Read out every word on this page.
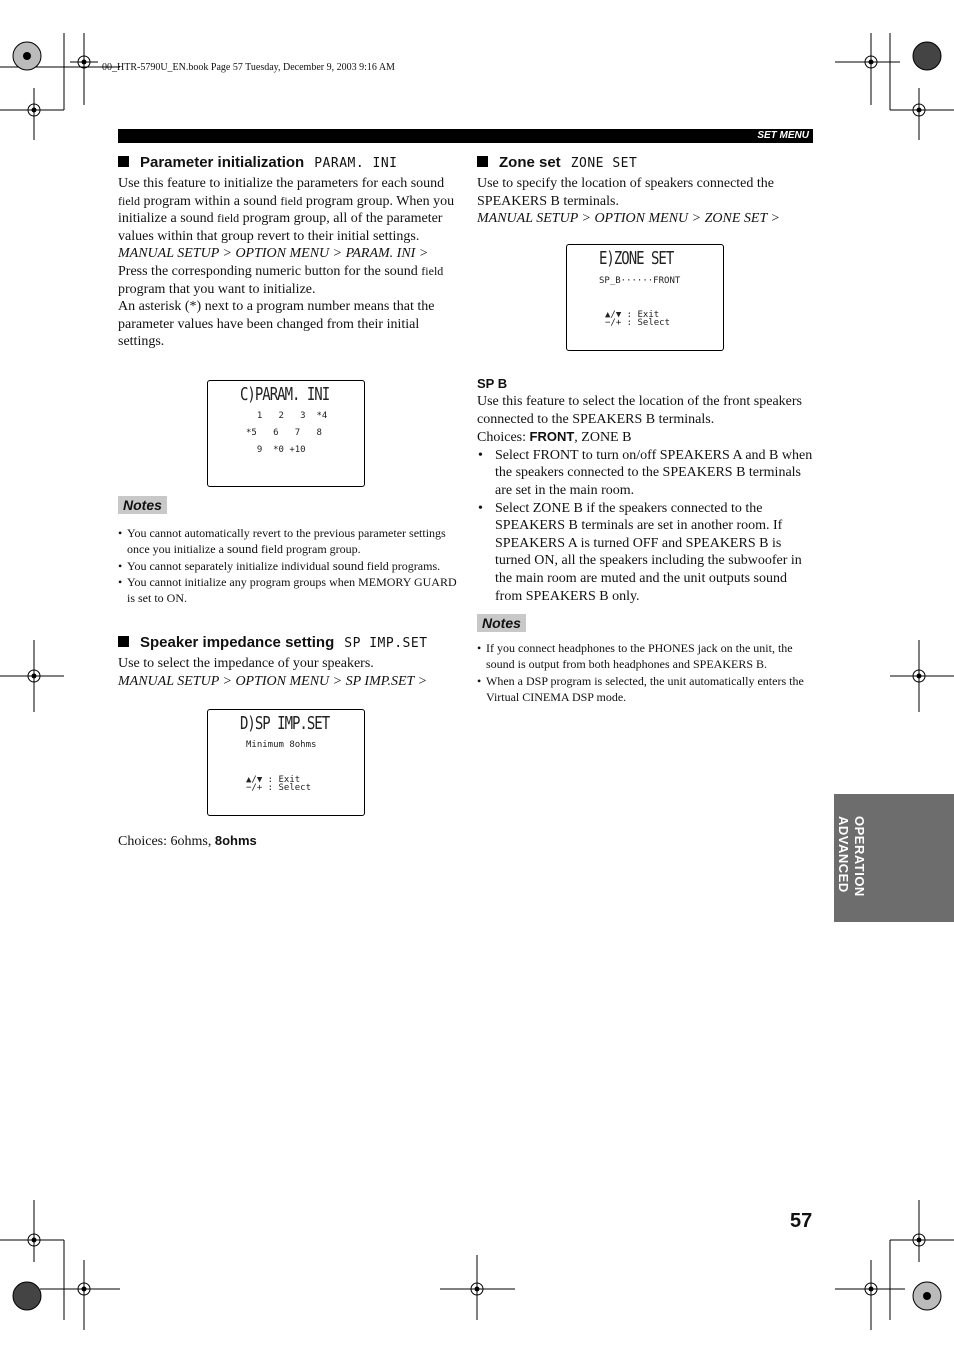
00_HTR-5790U_EN.book Page 57 Tuesday, December 9, 2003 9:16 AM
SET MENU

Parameter initialization PARAM. INI

Use this feature to initialize the parameters for each sound field program within a sound field program group. When you initialize a sound field program group, all of the parameter values within that group revert to their initial settings.

MANUAL SETUP > OPTION MENU > PARAM. INI >

Press the corresponding numeric button for the sound field program that you want to initialize.

An asterisk (*) next to a program number means that the parameter values have been changed from their initial settings.

C)PARAM. INI
1   2   3  *4
*5   6   7   8
9  *0 +10
Notes
• You cannot automatically revert to the previous parameter settings once you initialize a sound field program group.
• You cannot separately initialize individual sound field programs.
• You cannot initialize any program groups when MEMORY GUARD is set to ON.

Speaker impedance setting SP IMP.SET

Use to select the impedance of your speakers.

MANUAL SETUP > OPTION MENU > SP IMP.SET >

D)SP IMP.SET
Minimum 8ohms
▲/▼ : Exit
−/+ : Select

Choices: 6ohms, 8ohms

Zone set ZONE SET

Use to specify the location of speakers connected the SPEAKERS B terminals.

MANUAL SETUP > OPTION MENU > ZONE SET >

E)ZONE SET
SP_B······FRONT
▲/▼ : Exit
−/+ : Select

SP B

Use this feature to select the location of the front speakers connected to the SPEAKERS B terminals.

Choices: FRONT, ZONE B

• Select FRONT to turn on/off SPEAKERS A and B when the speakers connected to the SPEAKERS B terminals are set in the main room.
• Select ZONE B if the speakers connected to the SPEAKERS B terminals are set in another room. If SPEAKERS A is turned OFF and SPEAKERS B is turned ON, all the speakers including the subwoofer in the main room are muted and the unit outputs sound from SPEAKERS B only.
Notes
• If you connect headphones to the PHONES jack on the unit, the sound is output from both headphones and SPEAKERS B.
• When a DSP program is selected, the unit automatically enters the Virtual CINEMA DSP mode.
OPERATION
ADVANCED
57
